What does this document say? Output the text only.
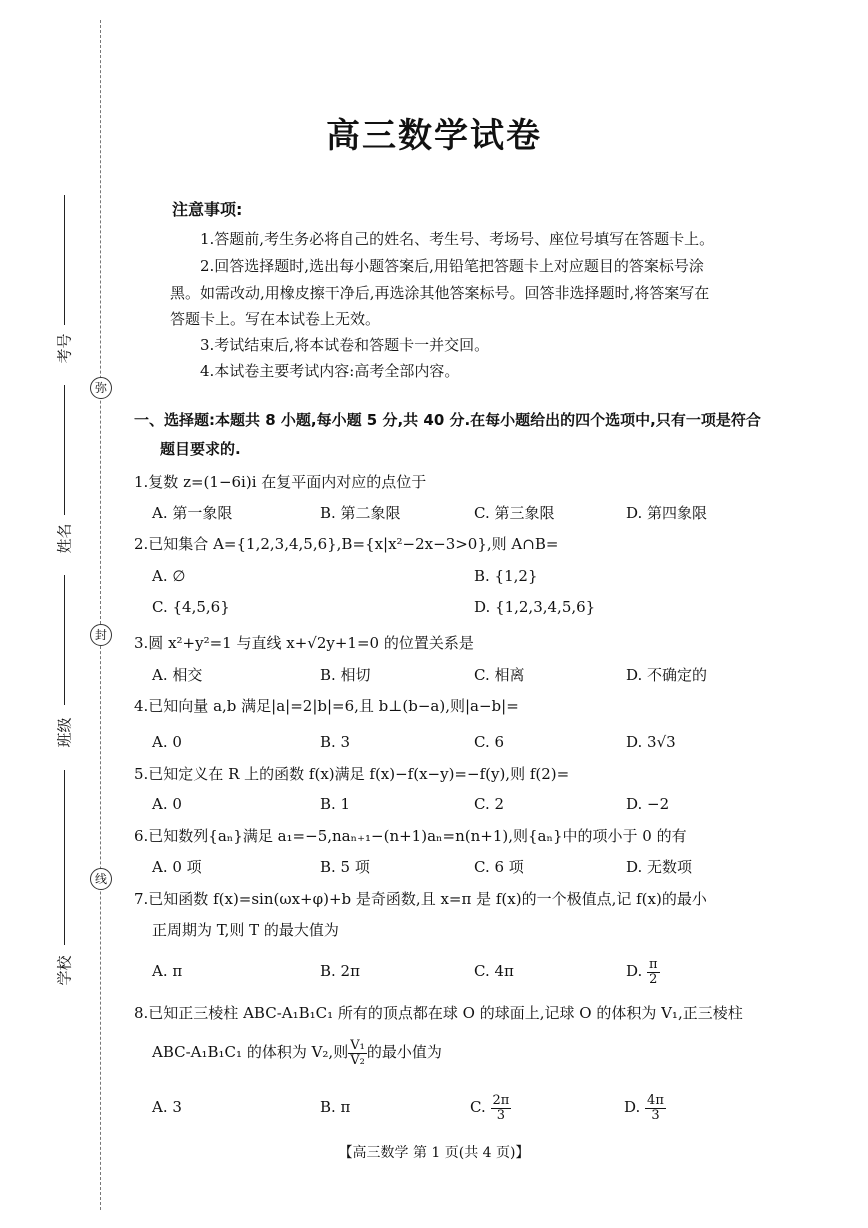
考号
姓名
班级
学校
弥
封
线
高三数学试卷
注意事项:
1.答题前,考生务必将自己的姓名、考生号、考场号、座位号填写在答题卡上。
2.回答选择题时,选出每小题答案后,用铅笔把答题卡上对应题目的答案标号涂
黑。如需改动,用橡皮擦干净后,再选涂其他答案标号。回答非选择题时,将答案写在
答题卡上。写在本试卷上无效。
3.考试结束后,将本试卷和答题卡一并交回。
4.本试卷主要考试内容:高考全部内容。
一、选择题:本题共 8 小题,每小题 5 分,共 40 分.在每小题给出的四个选项中,只有一项是符合
题目要求的.
1.复数 z=(1−6i)i 在复平面内对应的点位于
A. 第一象限	B. 第二象限	C. 第三象限	D. 第四象限
2.已知集合 A={1,2,3,4,5,6},B={x|x²−2x−3>0},则 A∩B=
A. ∅	B. {1,2}
C. {4,5,6}	D. {1,2,3,4,5,6}
3.圆 x²+y²=1 与直线 x+√2y+1=0 的位置关系是
A. 相交	B. 相切	C. 相离	D. 不确定的
4.已知向量 a,b 满足|a|=2|b|=6,且 b⊥(b−a),则|a−b|=
A. 0	B. 3	C. 6	D. 3√3
5.已知定义在 R 上的函数 f(x)满足 f(x)−f(x−y)=−f(y),则 f(2)=
A. 0	B. 1	C. 2	D. −2
6.已知数列{aₙ}满足 a₁=−5,naₙ₊₁−(n+1)aₙ=n(n+1),则{aₙ}中的项小于 0 的有
A. 0 项	B. 5 项	C. 6 项	D. 无数项
7.已知函数 f(x)=sin(ωx+φ)+b 是奇函数,且 x=π 是 f(x)的一个极值点,记 f(x)的最小
正周期为 T,则 T 的最大值为
A. π	B. 2π	C. 4π	D. $\frac{\pi}{2}$
8.已知正三棱柱 ABC-A₁B₁C₁ 所有的顶点都在球 O 的球面上,记球 O 的体积为 V₁,正三棱柱
ABC-A₁B₁C₁ 的体积为 V₂,则 $\frac{\text{V₁}}{\text{V₂}}$ 的最小值为
A. 3	B. π	C. $\frac{2\pi}{3}$	D. $\frac{4\pi}{3}$
【高三数学 第 1 页(共 4 页)】
